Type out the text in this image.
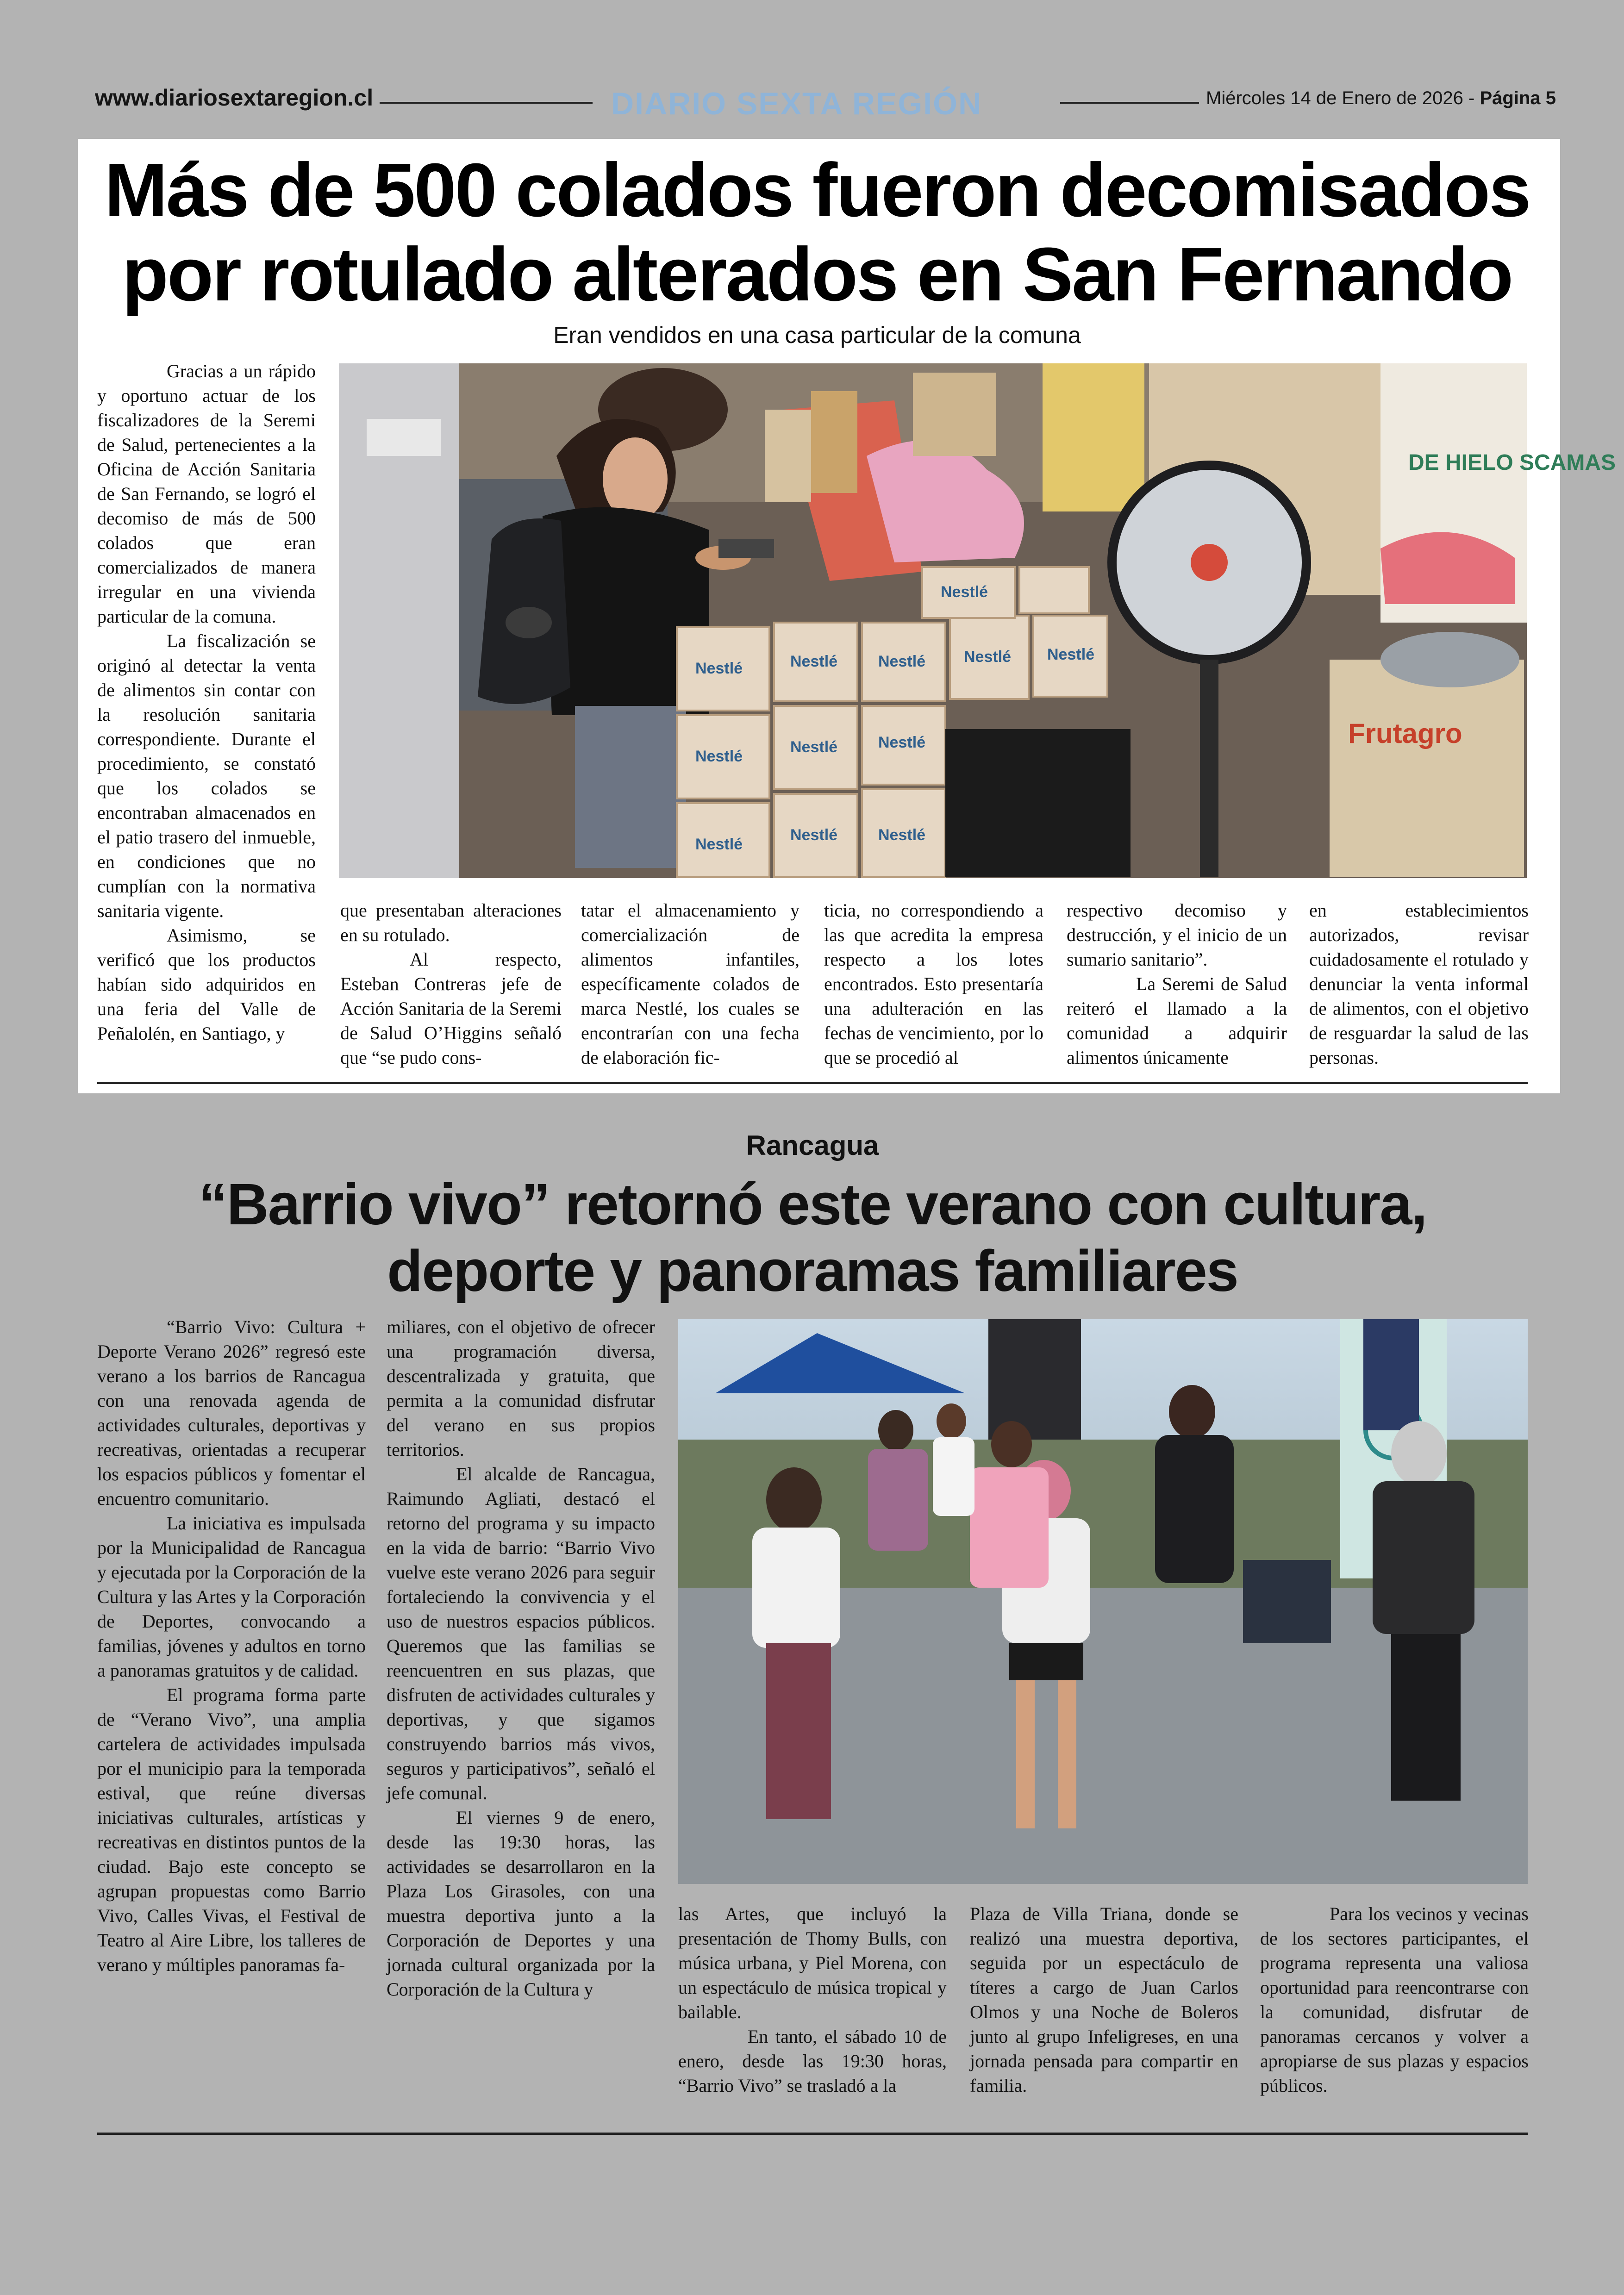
www.diariosextaregion.cl	DIARIO SEXTA REGIÓN	Miércoles 14 de Enero de 2026 - Página 5
Más de 500 colados fueron decomisados por rotulado alterados en San Fernando
Eran vendidos en una casa particular de la comuna

Gracias a un rápido y oportuno actuar de los fiscalizadores de la Seremi de Salud, pertenecientes a la Oficina de Acción Sanitaria de San Fernando, se logró el decomiso de más de 500 colados que eran comercializados de manera irregular en una vivienda particular de la comuna.

La fiscalización se originó al detectar la venta de alimentos sin contar con la resolución sanitaria correspondiente. Durante el procedimiento, se constató que los colados se encontraban almacenados en el patio trasero del inmueble, en condiciones que no cumplían con la normativa sanitaria vigente.

Asimismo, se verificó que los productos habían sido adquiridos en una feria del Valle de Peñalolén, en Santiago, y

DE HIELO SCAMAS
Nestlé	Nestlé	Nestlé Nestlé Nestlé
Nestlé
Nestlé
Nestlé	Nestlé
Nestlé
Nestlé	Nestlé
Frutagro

que presentaban alteraciones en su rotulado.

Al respecto, Esteban Contreras jefe de Acción Sanitaria de la Seremi de Salud O’Higgins señaló que “se pudo cons-

tatar el almacenamiento y comercialización de alimentos infantiles, específicamente colados de marca Nestlé, los cuales se encontrarían con una fecha de elaboración fic-

ticia, no correspondiendo a las que acredita la empresa respecto a los lotes encontrados. Esto presentaría una adulteración en las fechas de vencimiento, por lo que se procedió al

respectivo decomiso y destrucción, y el inicio de un sumario sanitario”.

La Seremi de Salud reiteró el llamado a la comunidad a adquirir alimentos únicamente

en establecimientos autorizados, revisar cuidadosamente el rotulado y denunciar la venta informal de alimentos, con el objetivo de resguardar la salud de las personas.

Rancagua
“Barrio vivo” retornó este verano con cultura, deporte y panoramas familiares

“Barrio Vivo: Cultura + Deporte Verano 2026” regresó este verano a los barrios de Rancagua con una renovada agenda de actividades culturales, deportivas y recreativas, orientadas a recuperar los espacios públicos y fomentar el encuentro comunitario.

La iniciativa es impulsada por la Municipalidad de Rancagua y ejecutada por la Corporación de la Cultura y las Artes y la Corporación de Deportes, convocando a familias, jóvenes y adultos en torno a panoramas gratuitos y de calidad.

El programa forma parte de “Verano Vivo”, una amplia cartelera de actividades impulsada por el municipio para la temporada estival, que reúne diversas iniciativas culturales, artísticas y recreativas en distintos puntos de la ciudad. Bajo este concepto se agrupan propuestas como Barrio Vivo, Calles Vivas, el Festival de Teatro al Aire Libre, los talleres de verano y múltiples panoramas fa-

miliares, con el objetivo de ofrecer una programación diversa, descentralizada y gratuita, que permita a la comunidad disfrutar del verano en sus propios territorios.

El alcalde de Rancagua, Raimundo Agliati, destacó el retorno del programa y su impacto en la vida de barrio: “Barrio Vivo vuelve este verano 2026 para seguir fortaleciendo la convivencia y el uso de nuestros espacios públicos. Queremos que las familias se reencuentren en sus plazas, que disfruten de actividades culturales y deportivas, y que sigamos construyendo barrios más vivos, seguros y participativos”, señaló el jefe comunal.

El viernes 9 de enero, desde las 19:30 horas, las actividades se desarrollaron en la Plaza Los Girasoles, con una muestra deportiva junto a la Corporación de Deportes y una jornada cultural organizada por la Corporación de la Cultura y

las Artes, que incluyó la presentación de Thomy Bulls, con música urbana, y Piel Morena, con un espectáculo de música tropical y bailable.

En tanto, el sábado 10 de enero, desde las 19:30 horas, “Barrio Vivo” se trasladó a la

Plaza de Villa Triana, donde se realizó una muestra deportiva, seguida por un espectáculo de títeres a cargo de Juan Carlos Olmos y una Noche de Boleros junto al grupo Infeligreses, en una jornada pensada para compartir en familia.

Para los vecinos y vecinas de los sectores participantes, el programa representa una valiosa oportunidad para reencontrarse con la comunidad, disfrutar de panoramas cercanos y volver a apropiarse de sus plazas y espacios públicos.
